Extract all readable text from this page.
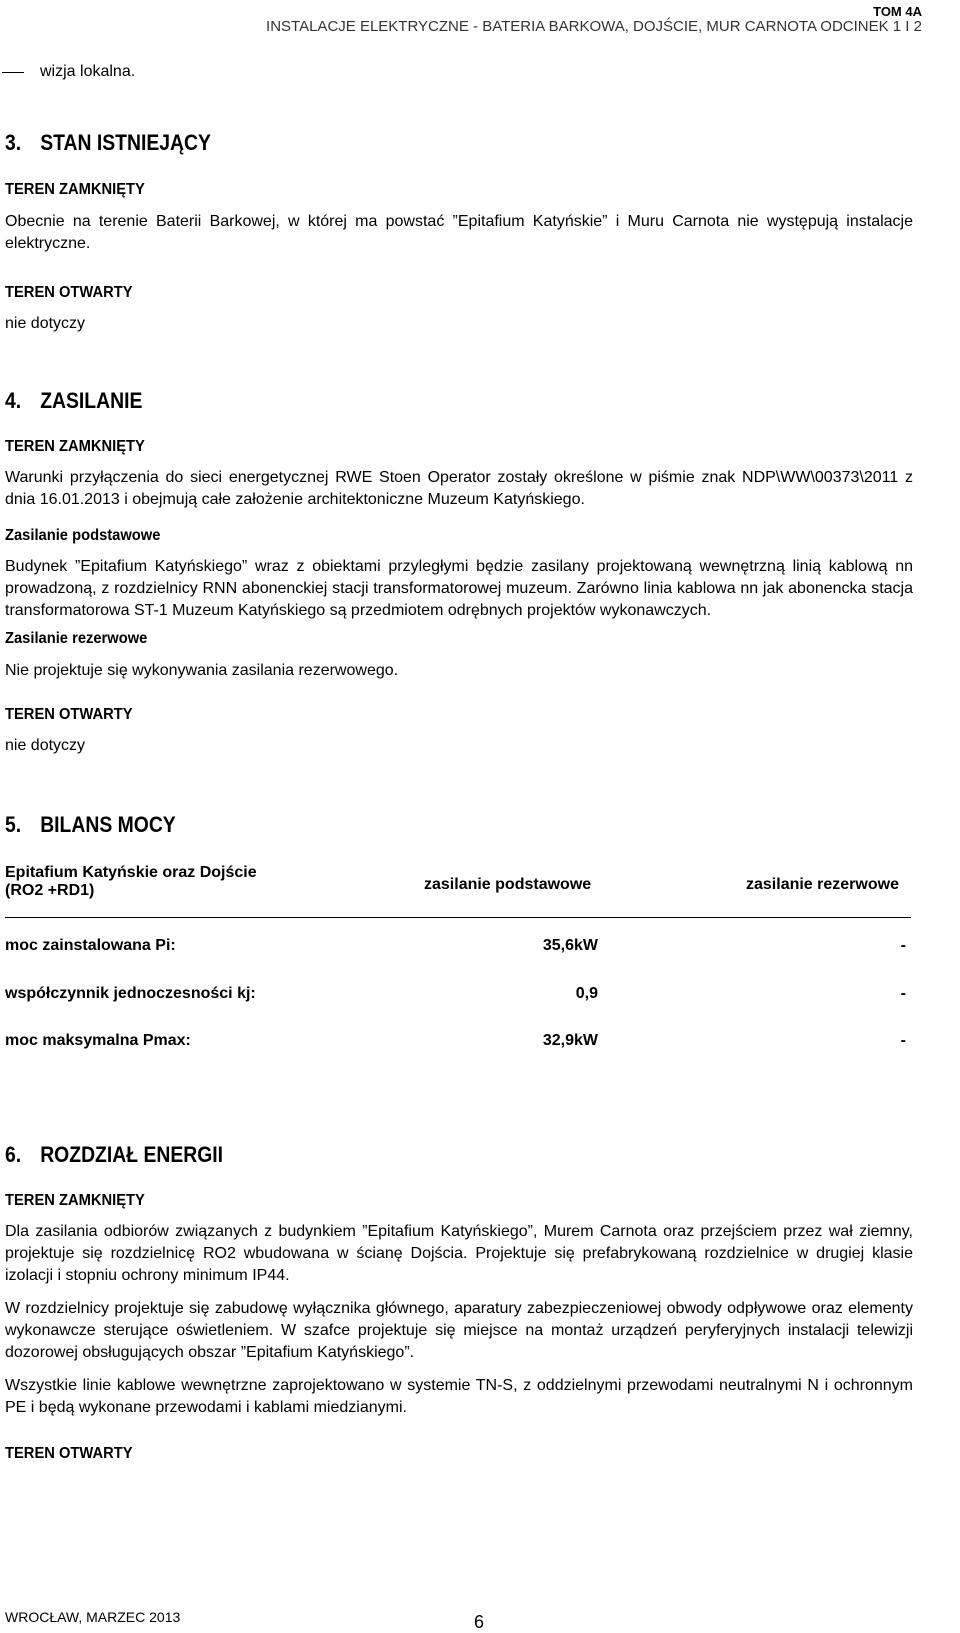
TOM 4A
INSTALACJE ELEKTRYCZNE - BATERIA BARKOWA, DOJŚCIE, MUR CARNOTA ODCINEK 1 I 2
wizja lokalna.
3. STAN ISTNIEJĄCY
TEREN ZAMKNIĘTY
Obecnie na terenie Baterii Barkowej, w której ma powstać ”Epitafium Katyńskie” i Muru Carnota nie występują instalacje elektryczne.
TEREN OTWARTY
nie dotyczy
4. ZASILANIE
TEREN ZAMKNIĘTY
Warunki przyłączenia do sieci energetycznej RWE Stoen Operator zostały określone w piśmie znak NDP\WW\00373\2011 z dnia 16.01.2013 i obejmują całe założenie architektoniczne Muzeum Katyńskiego.
Zasilanie podstawowe
Budynek ”Epitafium Katyńskiego” wraz z obiektami przyległymi będzie zasilany projektowaną wewnętrzną linią kablową nn prowadzoną, z rozdzielnicy RNN abonenckiej stacji transformatorowej muzeum. Zarówno linia kablowa nn jak abonencka stacja transformatorowa ST-1 Muzeum Katyńskiego są przedmiotem odrębnych projektów wykonawczych.
Zasilanie rezerwowe
Nie projektuje się wykonywania zasilania rezerwowego.
TEREN OTWARTY
nie dotyczy
5. BILANS MOCY
Epitafium Katyńskie oraz Dojście
(RO2 +RD1)	zasilanie podstawowe	zasilanie rezerwowe
moc zainstalowana Pi:	35,6kW	-
współczynnik jednoczesności kj:	0,9	-
moc maksymalna Pmax:	32,9kW	-
6. ROZDZIAŁ ENERGII
TEREN ZAMKNIĘTY
Dla zasilania odbiorów związanych z budynkiem ”Epitafium Katyńskiego”, Murem Carnota oraz przejściem przez wał ziemny, projektuje się rozdzielnicę RO2 wbudowana w ścianę Dojścia. Projektuje się prefabrykowaną rozdzielnice w drugiej klasie izolacji i stopniu ochrony minimum IP44.
W rozdzielnicy projektuje się zabudowę wyłącznika głównego, aparatury zabezpieczeniowej obwody odpływowe oraz elementy wykonawcze sterujące oświetleniem. W szafce projektuje się miejsce na montaż urządzeń peryferyjnych instalacji telewizji dozorowej obsługujących obszar ”Epitafium Katyńskiego”.
Wszystkie linie kablowe wewnętrzne zaprojektowano w systemie TN-S, z oddzielnymi przewodami neutralnymi N i ochronnym PE i będą wykonane przewodami i kablami miedzianymi.
TEREN OTWARTY
WROCŁAW, MARZEC 2013	6
